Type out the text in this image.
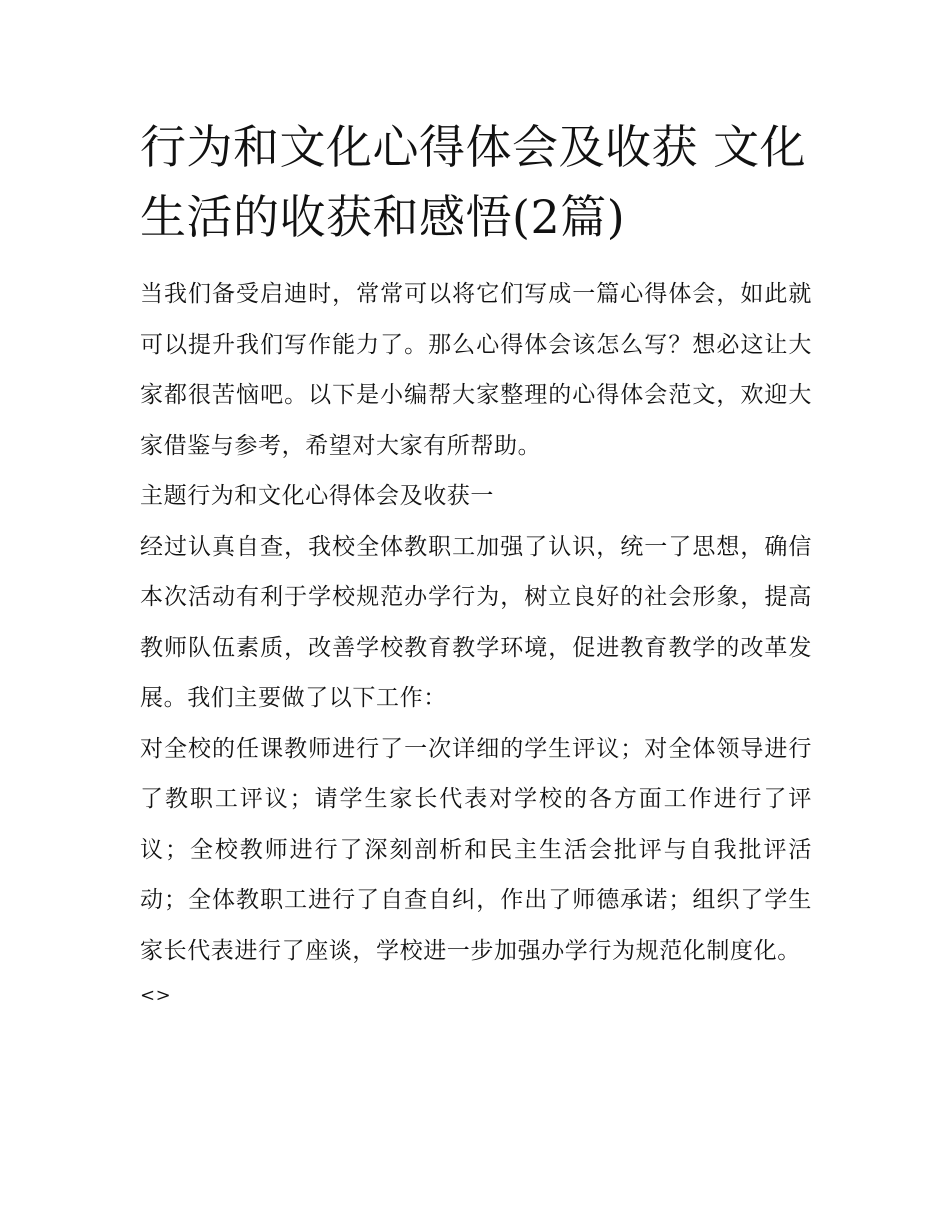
行为和文化心得体会及收获 文化生活的收获和感悟(2篇)

当我们备受启迪时，常常可以将它们写成一篇心得体会，如此就可以提升我们写作能力了。那么心得体会该怎么写？想必这让大家都很苦恼吧。以下是小编帮大家整理的心得体会范文，欢迎大家借鉴与参考，希望对大家有所帮助。

主题行为和文化心得体会及收获一

经过认真自查，我校全体教职工加强了认识，统一了思想，确信本次活动有利于学校规范办学行为，树立良好的社会形象，提高教师队伍素质，改善学校教育教学环境，促进教育教学的改革发展。我们主要做了以下工作：

对全校的任课教师进行了一次详细的学生评议；对全体领导进行了教职工评议；请学生家长代表对学校的各方面工作进行了评议；全校教师进行了深刻剖析和民主生活会批评与自我批评活动；全体教职工进行了自查自纠，作出了师德承诺；组织了学生家长代表进行了座谈，学校进一步加强办学行为规范化制度化。

<>
